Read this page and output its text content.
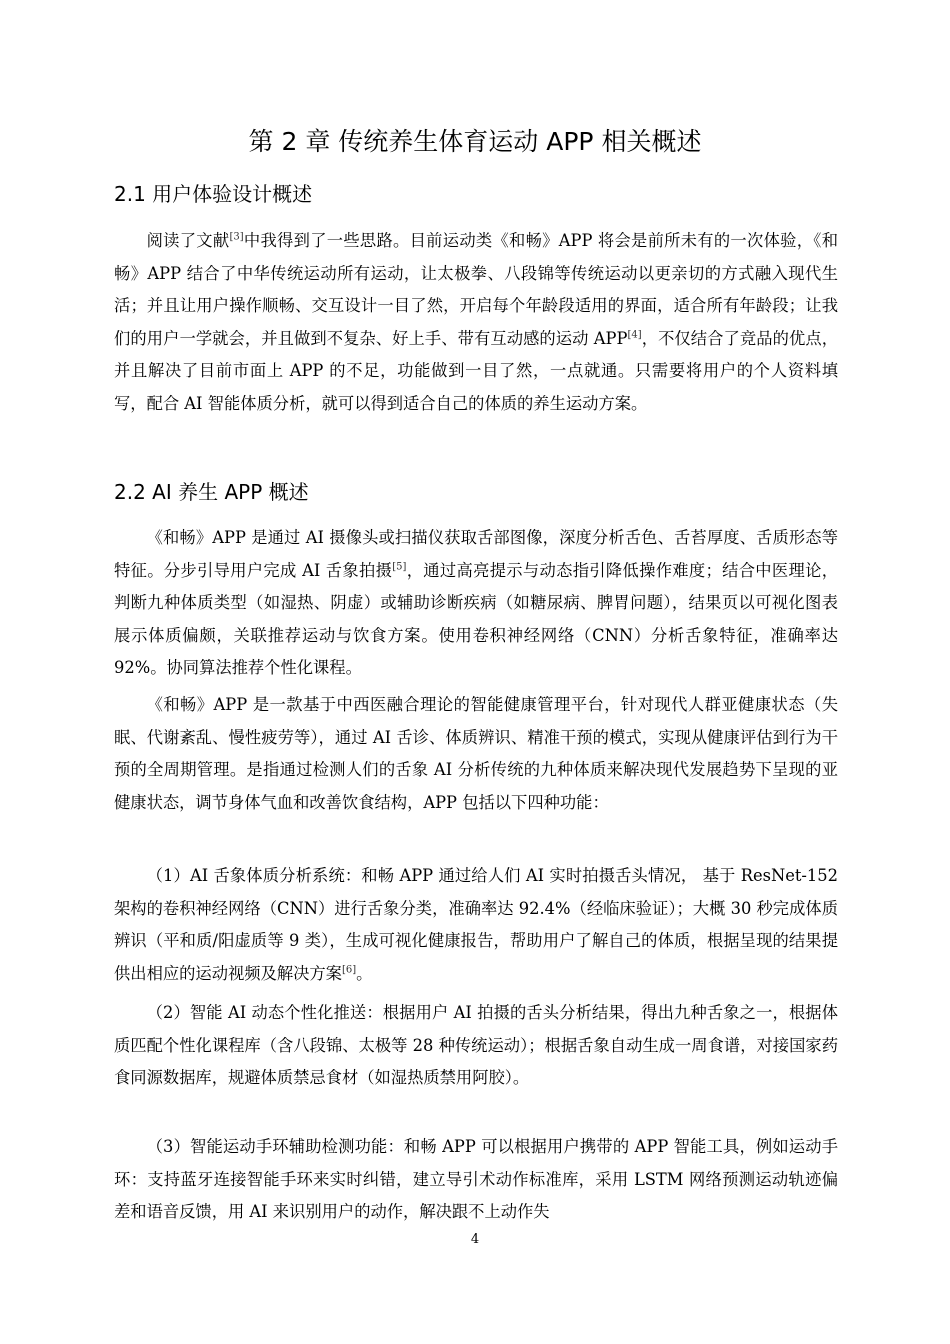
第 2 章 传统养生体育运动 APP 相关概述
2.1 用户体验设计概述

阅读了文献[3]中我得到了一些思路。目前运动类《和畅》APP 将会是前所未有的一次体验，《和畅》APP 结合了中华传统运动所有运动，让太极拳、八段锦等传统运动以更亲切的方式融入现代生活；并且让用户操作顺畅、交互设计一目了然，开启每个年龄段适用的界面，适合所有年龄段；让我们的用户一学就会，并且做到不复杂、好上手、带有互动感的运动 APP[4]，不仅结合了竞品的优点，并且解决了目前市面上 APP 的不足，功能做到一目了然，一点就通。只需要将用户的个人资料填写，配合 AI 智能体质分析，就可以得到适合自己的体质的养生运动方案。

2.2 AI 养生 APP 概述

《和畅》APP 是通过 AI 摄像头或扫描仪获取舌部图像，深度分析舌色、舌苔厚度、舌质形态等特征。分步引导用户完成 AI 舌象拍摄[5]，通过高亮提示与动态指引降低操作难度；结合中医理论，判断九种体质类型（如湿热、阴虚）或辅助诊断疾病（如糖尿病、脾胃问题），结果页以可视化图表展示体质偏颇，关联推荐运动与饮食方案。使用卷积神经网络（CNN）分析舌象特征，准确率达 92%。协同算法推荐个性化课程。

《和畅》APP 是一款基于中西医融合理论的智能健康管理平台，针对现代人群亚健康状态（失眠、代谢紊乱、慢性疲劳等），通过 AI 舌诊、体质辨识、精准干预的模式，实现从健康评估到行为干预的全周期管理。是指通过检测人们的舌象 AI 分析传统的九种体质来解决现代发展趋势下呈现的亚健康状态，调节身体气血和改善饮食结构，APP 包括以下四种功能：

（1）AI 舌象体质分析系统：和畅 APP 通过给人们 AI 实时拍摄舌头情况， 基于 ResNet-152 架构的卷积神经网络（CNN）进行舌象分类，准确率达 92.4%（经临床验证）；大概 30 秒完成体质辨识（平和质/阳虚质等 9 类），生成可视化健康报告，帮助用户了解自己的体质，根据呈现的结果提供出相应的运动视频及解决方案[6]。

（2）智能 AI 动态个性化推送：根据用户 AI 拍摄的舌头分析结果，得出九种舌象之一，根据体质匹配个性化课程库（含八段锦、太极等 28 种传统运动）；根据舌象自动生成一周食谱，对接国家药食同源数据库，规避体质禁忌食材（如湿热质禁用阿胶）。

（3）智能运动手环辅助检测功能：和畅 APP 可以根据用户携带的 APP 智能工具，例如运动手环：支持蓝牙连接智能手环来实时纠错，建立导引术动作标准库，采用 LSTM 网络预测运动轨迹偏差和语音反馈，用 AI 来识别用户的动作，解决跟不上动作失

4
